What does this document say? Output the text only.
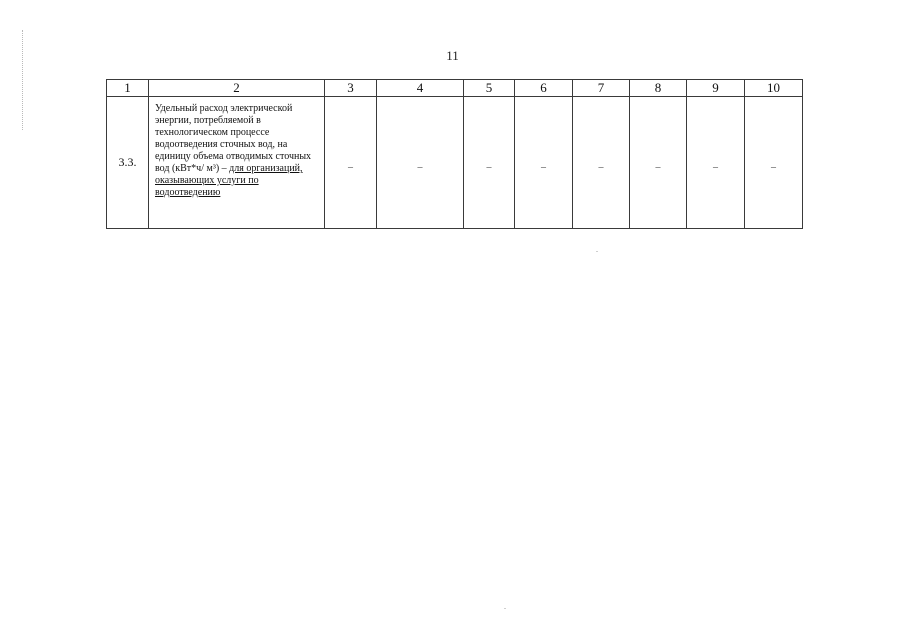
11
1	2	3	4	5	6	7	8	9	10
3.3.	Удельный расход электрической энергии, потребляемой в технологическом процессе водоотведения сточных вод, на единицу объема отводимых сточных вод (кВт*ч/ м³) – для организаций, оказывающих услуги по водоотведению	–	–	–	–	–	–	–	–
